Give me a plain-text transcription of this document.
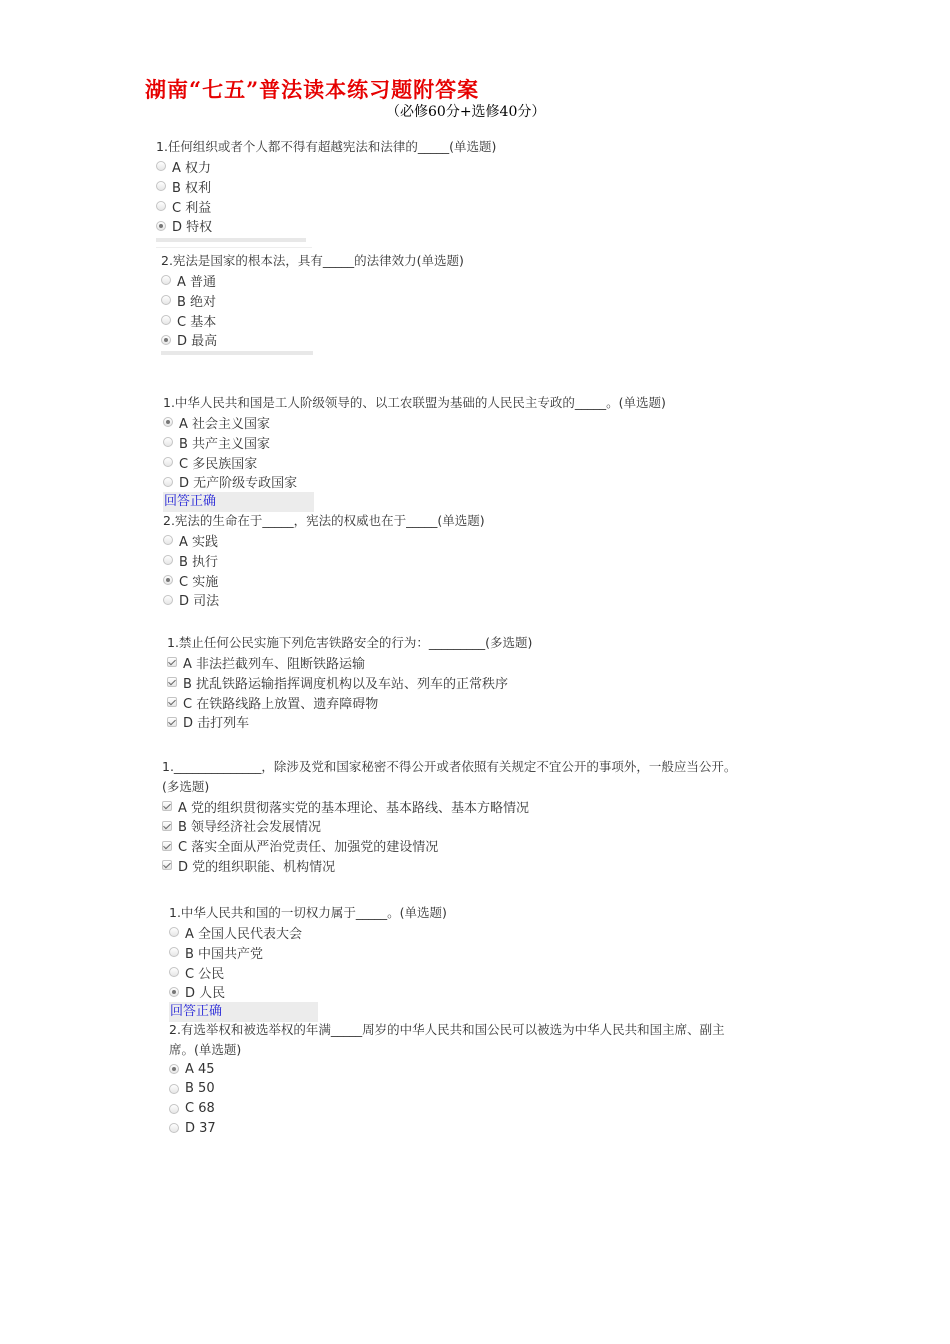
湖南“七五”普法读本练习题附答案
（必修60分+选修40分）
1.任何组织或者个人都不得有超越宪法和法律的_____(单选题)
A 权力
B 权利
C 利益
D 特权
2.宪法是国家的根本法，具有_____的法律效力(单选题)
A 普通
B 绝对
C 基本
D 最高
1.中华人民共和国是工人阶级领导的、以工农联盟为基础的人民民主专政的_____。(单选题)
A 社会主义国家
B 共产主义国家
C 多民族国家
D 无产阶级专政国家
回答正确
2.宪法的生命在于_____，宪法的权威也在于_____(单选题)
A 实践
B 执行
C 实施
D 司法
1.禁止任何公民实施下列危害铁路安全的行为：_________(多选题)
A 非法拦截列车、阻断铁路运输
B 扰乱铁路运输指挥调度机构以及车站、列车的正常秩序
C 在铁路线路上放置、遗弃障碍物
D 击打列车
1.______________，除涉及党和国家秘密不得公开或者依照有关规定不宜公开的事项外，一般应当公开。
(多选题)
A 党的组织贯彻落实党的基本理论、基本路线、基本方略情况
B 领导经济社会发展情况
C 落实全面从严治党责任、加强党的建设情况
D 党的组织职能、机构情况
1.中华人民共和国的一切权力属于_____。(单选题)
A 全国人民代表大会
B 中国共产党
C 公民
D 人民
回答正确
2.有选举权和被选举权的年满_____周岁的中华人民共和国公民可以被选为中华人民共和国主席、副主
席。(单选题)
A 45
B 50
C 68
D 37
